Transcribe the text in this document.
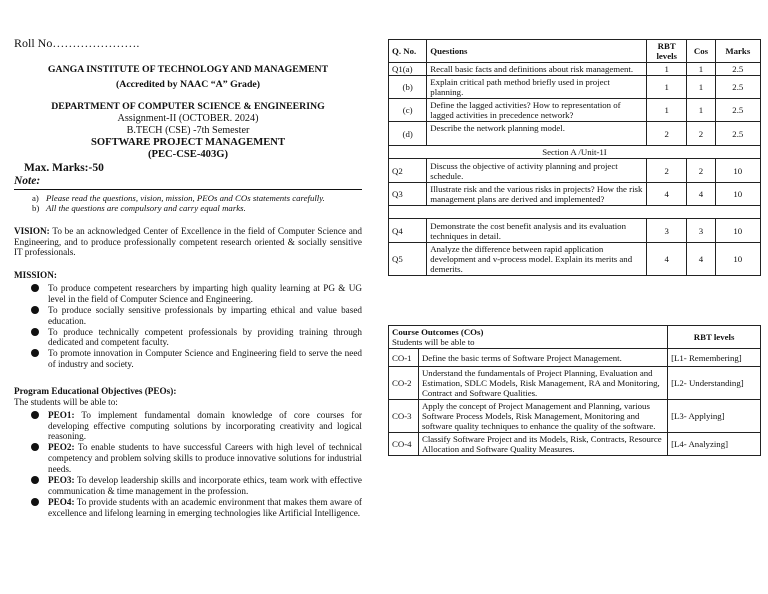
Roll No………………….
GANGA INSTITUTE OF TECHNOLOGY AND MANAGEMENT
(Accredited by NAAC “A” Grade)
DEPARTMENT OF COMPUTER SCIENCE & ENGINEERING
Assignment-II (OCTOBER. 2024)
B.TECH (CSE) -7th Semester
SOFTWARE PROJECT MANAGEMENT
(PEC-CSE-403G)
Max. Marks:-50
Note:
a) Please read the questions, vision, mission, PEOs and COs statements carefully.
b) All the questions are compulsory and carry equal marks.
VISION: To be an acknowledged Center of Excellence in the field of Computer Science and Engineering, and to produce professionally competent research oriented & socially sensitive IT professionals.
MISSION:
To produce competent researchers by imparting high quality learning at PG & UG level in the field of Computer Science and Engineering.
To produce socially sensitive professionals by imparting ethical and value based education.
To produce technically competent professionals by providing training through dedicated and competent faculty.
To promote innovation in Computer Science and Engineering field to serve the need of industry and society.
Program Educational Objectives (PEOs):
The students will be able to:
PEO1: To implement fundamental domain knowledge of core courses for developing effective computing solutions by incorporating creativity and logical reasoning.
PEO2: To enable students to have successful Careers with high level of technical competency and problem solving skills to produce innovative solutions for industrial needs.
PEO3: To develop leadership skills and incorporate ethics, team work with effective communication & time management in the profession.
PEO4: To provide students with an academic environment that makes them aware of excellence and lifelong learning in emerging technologies like Artificial Intelligence.
Q. No.	Questions	RBT levels	Cos	Marks
Q1(a)	Recall basic facts and definitions about risk management.	1	1	2.5
(b)	Explain critical path method briefly used in project planning.	1	1	2.5
(c)	Define the lagged activities? How to representation of lagged activities in precedence network?	1	1	2.5
(d)	Describe the network planning model.	2	2	2.5
Section A /Unit-1I				
Q2	Discuss the objective of activity planning and project schedule.	2	2	10
Q3	Illustrate risk and the various risks in projects? How the risk management plans are derived and implemented?	4	4	10

Q4	Demonstrate the cost benefit analysis and its evaluation techniques in detail.	3	3	10
Q5	Analyze the difference between rapid application development and v-process model. Explain its merits and demerits.	4	4	10
Course Outcomes (COs)
Students will be able to		RBT levels
CO-1	Define the basic terms of Software Project Management.	[L1- Remembering]
CO-2	Understand the fundamentals of Project Planning, Evaluation and Estimation, SDLC Models, Risk Management, RA and Monitoring, Contract and Software Qualities.	[L2- Understanding]
CO-3	Apply the concept of Project Management and Planning, various Software Process Models, Risk Management, Monitoring and software quality techniques to enhance the quality of the software.	[L3- Applying]
CO-4	Classify Software Project and its Models, Risk, Contracts, Resource Allocation and Software Quality Measures.	[L4- Analyzing]
